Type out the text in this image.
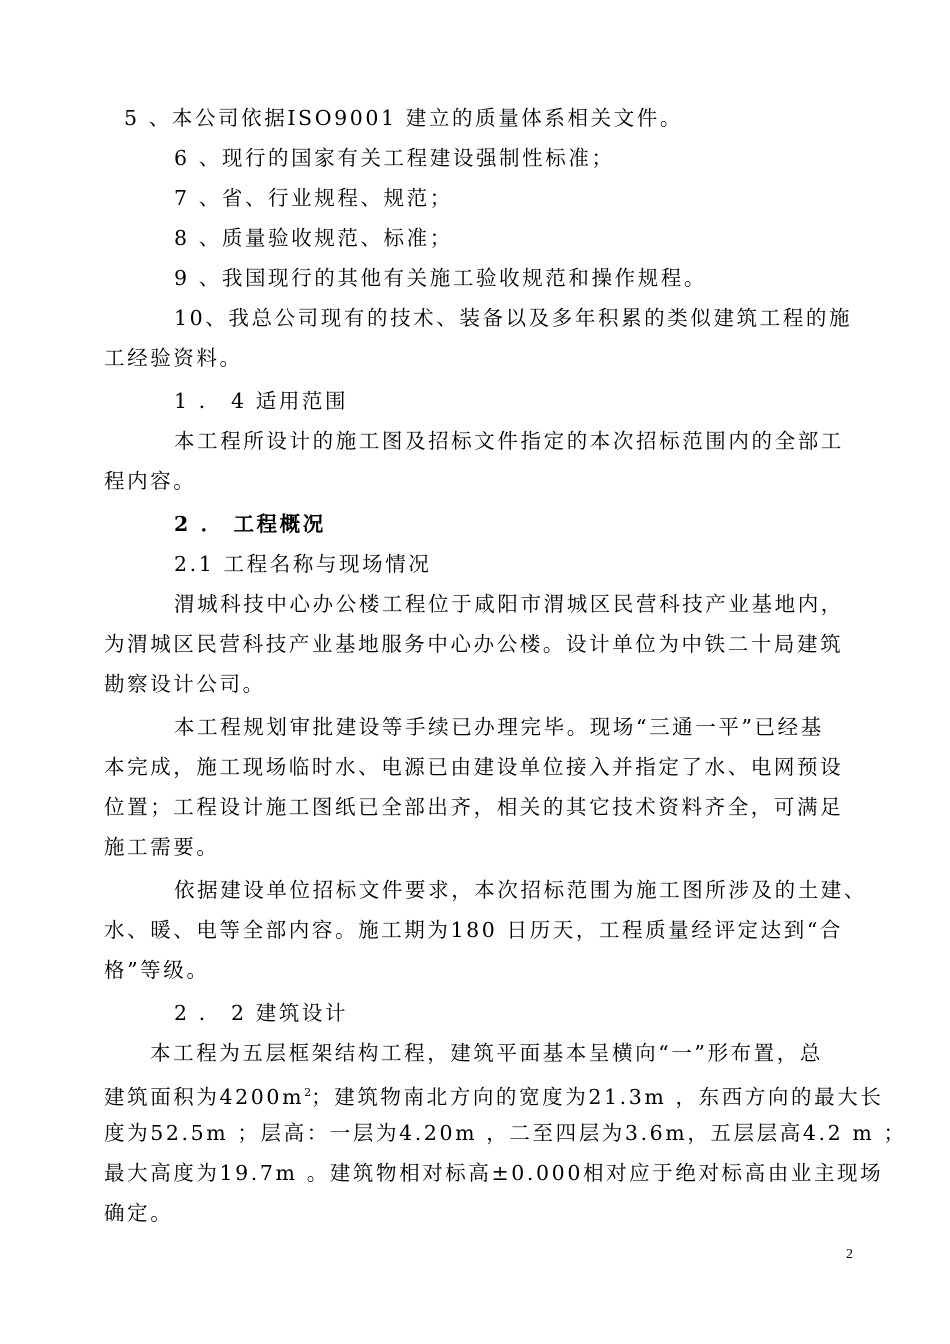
5 、本公司依据ISO9001 建立的质量体系相关文件。
6 、现行的国家有关工程建设强制性标准；
7 、省、行业规程、规范；
8 、质量验收规范、标准；
9 、我国现行的其他有关施工验收规范和操作规程。
10、我总公司现有的技术、装备以及多年积累的类似建筑工程的施
工经验资料。
1 ． 4 适用范围
本工程所设计的施工图及招标文件指定的本次招标范围内的全部工
程内容。
2 ． 工程概况
2.1 工程名称与现场情况
渭城科技中心办公楼工程位于咸阳市渭城区民营科技产业基地内，
为渭城区民营科技产业基地服务中心办公楼。设计单位为中铁二十局建筑
勘察设计公司。
本工程规划审批建设等手续已办理完毕。现场“三通一平”已经基
本完成，施工现场临时水、电源已由建设单位接入并指定了水、电网预设
位置；工程设计施工图纸已全部出齐，相关的其它技术资料齐全，可满足
施工需要。
依据建设单位招标文件要求，本次招标范围为施工图所涉及的土建、
水、暖、电等全部内容。施工期为180 日历天，工程质量经评定达到“合
格”等级。
2 ． 2 建筑设计
本工程为五层框架结构工程，建筑平面基本呈横向“一”形布置，总
建筑面积为$4200m^2$；建筑物南北方向的宽度为21.3m ，东西方向的最大长
度为52.5m ；层高：一层为4.20m ，二至四层为3.6m，五层层高4.2 m ；
最大高度为19.7m 。建筑物相对标高±0.000相对应于绝对标高由业主现场
确定。
2
